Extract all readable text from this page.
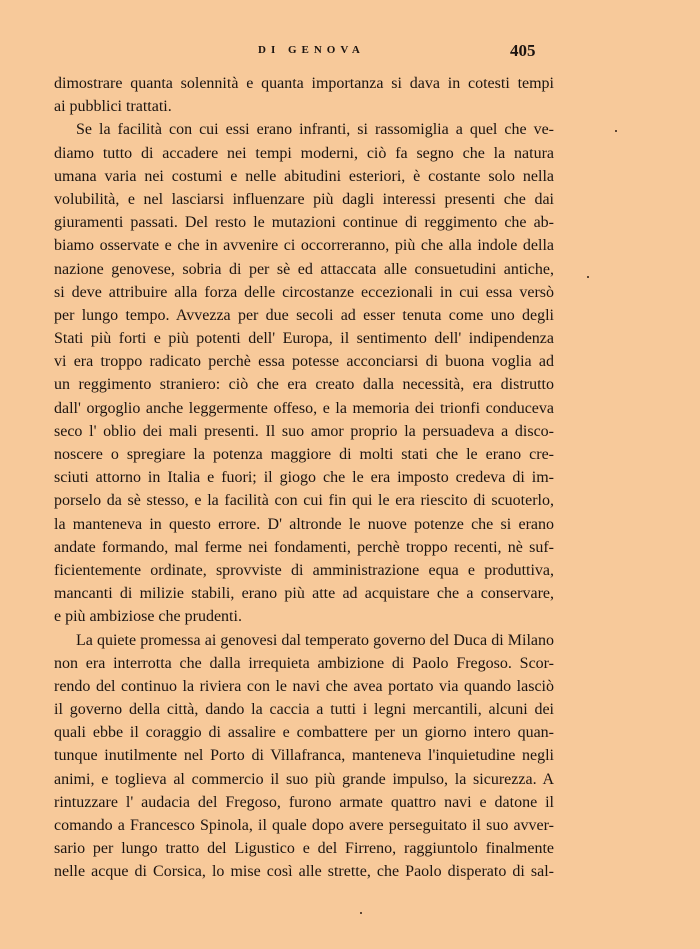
DI GENOVA	405
dimostrare quanta solennità e quanta importanza si dava in cotesti tempi
ai pubblici trattati.
Se la facilità con cui essi erano infranti, si rassomiglia a quel che ve-
diamo tutto di accadere nei tempi moderni, ciò fa segno che la natura
umana varia nei costumi e nelle abitudini esteriori, è costante solo nella
volubilità, e nel lasciarsi influenzare più dagli interessi presenti che dai
giuramenti passati. Del resto le mutazioni continue di reggimento che ab-
biamo osservate e che in avvenire ci occorreranno, più che alla indole della
nazione genovese, sobria di per sè ed attaccata alle consuetudini antiche,
si deve attribuire alla forza delle circostanze eccezionali in cui essa versò
per lungo tempo. Avvezza per due secoli ad esser tenuta come uno degli
Stati più forti e più potenti dell' Europa, il sentimento dell' indipendenza
vi era troppo radicato perchè essa potesse acconciarsi di buona voglia ad
un reggimento straniero: ciò che era creato dalla necessità, era distrutto
dall' orgoglio anche leggermente offeso, e la memoria dei trionfi conduceva
seco l' oblio dei mali presenti. Il suo amor proprio la persuadeva a disco-
noscere o spregiare la potenza maggiore di molti stati che le erano cre-
sciuti attorno in Italia e fuori; il giogo che le era imposto credeva di im-
porselo da sè stesso, e la facilità con cui fin qui le era riescito di scuoterlo,
la manteneva in questo errore. D' altronde le nuove potenze che si erano
andate formando, mal ferme nei fondamenti, perchè troppo recenti, nè suf-
ficientemente ordinate, sprovviste di amministrazione equa e produttiva,
mancanti di milizie stabili, erano più atte ad acquistare che a conservare,
e più ambiziose che prudenti.
La quiete promessa ai genovesi dal temperato governo del Duca di Milano
non era interrotta che dalla irrequieta ambizione di Paolo Fregoso. Scor-
rendo del continuo la riviera con le navi che avea portato via quando lasciò
il governo della città, dando la caccia a tutti i legni mercantili, alcuni dei
quali ebbe il coraggio di assalire e combattere per un giorno intero quan-
tunque inutilmente nel Porto di Villafranca, manteneva l'inquietudine negli
animi, e toglieva al commercio il suo più grande impulso, la sicurezza. A
rintuzzare l' audacia del Fregoso, furono armate quattro navi e datone il
comando a Francesco Spinola, il quale dopo avere perseguitato il suo avver-
sario per lungo tratto del Ligustico e del Firreno, raggiuntolo finalmente
nelle acque di Corsica, lo mise così alle strette, che Paolo disperato di sal-
